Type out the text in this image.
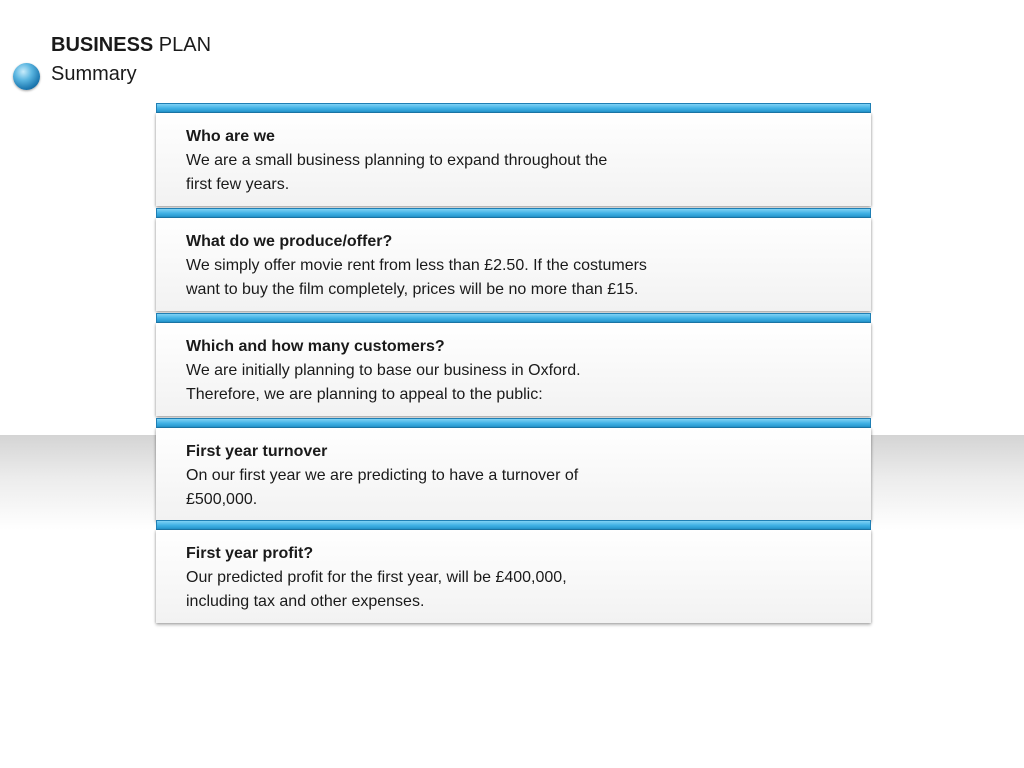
BUSINESS PLAN
Summary
Who are we
We are a small business planning to expand throughout the
first few years.
What do we produce/offer?
We simply offer movie rent from less than £2.50. If the costumers
want to buy the film completely, prices will be no more than £15.
Which and how many customers?
We are initially planning to base our business in Oxford.
Therefore, we are planning to appeal to the public:
First year turnover
On our first year we are predicting to have a turnover of
£500,000.
First year profit?
Our predicted profit for the first year, will be £400,000,
including tax and other expenses.
